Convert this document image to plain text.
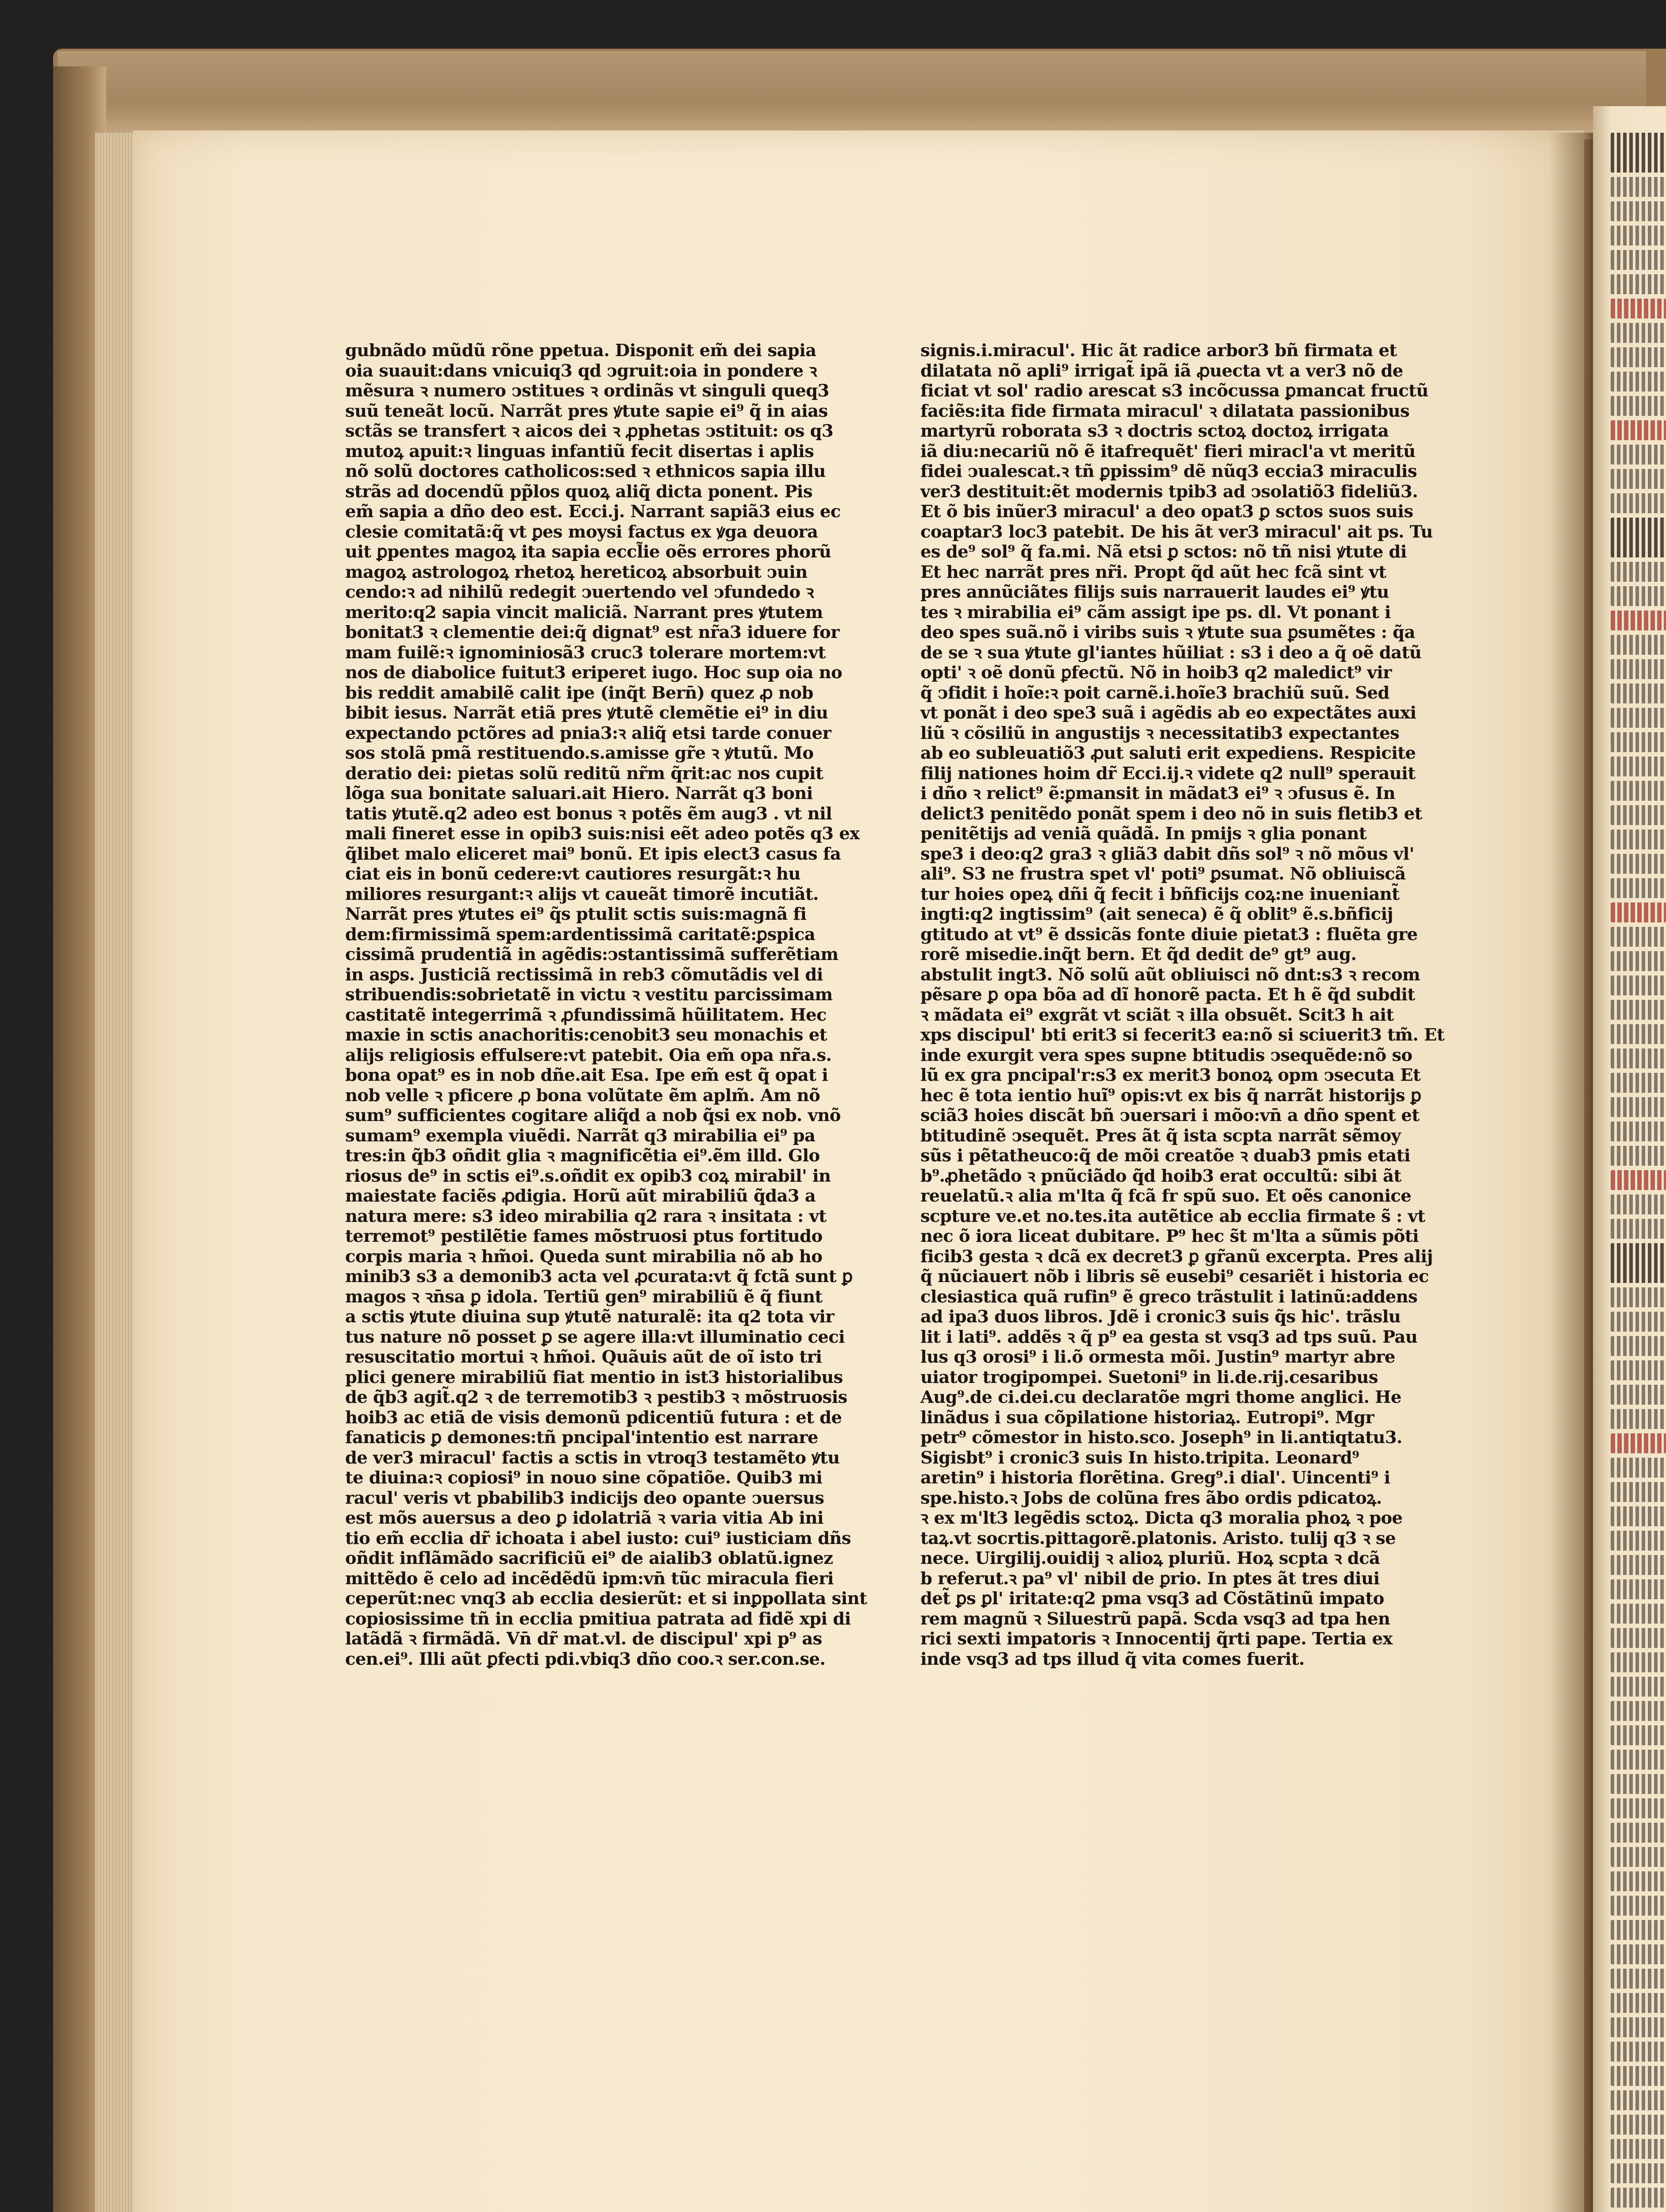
gubnãdo mũdũ rõne ppetua. Disponit em̃ dei sapia
oia suauit:dans vnicuiq3 qd ↄgruit:oia in pondere ꝛ
mẽsura ꝛ numero ↄstitues ꝛ ordinãs vt singuli queq3
suũ teneãt locũ. Narrãt pres ꝟtute sapie ei⁹ q̃ in aias
sctãs se transfert ꝛ aicos dei ꝛ ꝓphetas ↄstituit: os q3
mutoꝝ apuit:ꝛ linguas infantiũ fecit disertas i aplis
nõ solũ doctores catholicos:sed ꝛ ethnicos sapia illu
strãs ad docendũ pp̃los quoꝝ aliq̃ dicta ponent. Pis
em̃ sapia a dño deo est. Ecci.j. Narrant sapiã3 eius ec
clesie comitatã:q̃ vt ꝑes moysi factus ex ꝟga deuora
uit ꝑpentes magoꝝ ita sapia eccl̃ie oẽs errores phorũ
magoꝝ astrologoꝝ rhetoꝝ hereticoꝝ absorbuit ↄuin
cendo:ꝛ ad nihilũ redegit ↄuertendo vel ↄfundedo ꝛ
merito:q2 sapia vincit maliciã. Narrant pres ꝟtutem
bonitat3 ꝛ clementie dei:q̃ dignat⁹ est nr̃a3 iduere for
mam fuilẽ:ꝛ ignominiosã3 cruc3 tolerare mortem:vt
nos de diabolice fuitut3 eriperet iugo. Hoc sup oia no
bis reddit amabilẽ calit ipe (inq̃t Bern̄) quez ꝓ nob
bibit iesus. Narrãt etiã pres ꝟtutẽ clemẽtie ei⁹ in diu
expectando pctõres ad pnia3:ꝛ aliq̃ etsi tarde conuer
sos stolã pmã restituendo.s.amisse gr̃e ꝛ ꝟtutũ. Mo
deratio dei: pietas solũ reditũ nr̃m q̃rit:ac nos cupit
lõga sua bonitate saluari.ait Hiero. Narrãt q3 boni
tatis ꝟtutẽ.q2 adeo est bonus ꝛ potẽs ẽm aug3 . vt nil
mali fineret esse in opib3 suis:nisi eẽt adeo potẽs q3 ex
q̃libet malo eliceret mai⁹ bonũ. Et ipis elect3 casus fa
ciat eis in bonũ cedere:vt cautiores resurgãt:ꝛ hu
miliores resurgant:ꝛ alijs vt caueãt timorẽ incutiãt.
Narrãt pres ꝟtutes ei⁹ q̃s ptulit sctis suis:magnã fi
dem:firmissimã spem:ardentissimã caritatẽ:ꝑspica
cissimã prudentiã in agẽdis:ↄstantissimã sufferẽtiam
in asꝑs. Justiciã rectissimã in reb3 cõmutãdis vel di
stribuendis:sobrietatẽ in victu ꝛ vestitu parcissimam
castitatẽ integerrimã ꝛ ꝓfundissimã hũilitatem. Hec
maxie in sctis anachoritis:cenobit3 seu monachis et
alijs religiosis effulsere:vt patebit. Oia em̃ opa nr̃a.s.
bona opat⁹ es in nob dñe.ait Esa. Ipe em̃ est q̃ opat i
nob velle ꝛ pficere ꝓ bona volũtate ẽm aplm̃. Am nõ
sum⁹ sufficientes cogitare aliq̃d a nob q̃si ex nob. vnõ
sumam⁹ exempla viuẽdi. Narrãt q3 mirabilia ei⁹ pa
tres:in q̃b3 oñdit glia ꝛ magnificẽtia ei⁹.ẽm illd. Glo
riosus de⁹ in sctis ei⁹.s.oñdit ex opib3 coꝝ mirabil' in
maiestate faciẽs ꝓdigia. Horũ aũt mirabiliũ q̃da3 a
natura mere: s3 ideo mirabilia q2 rara ꝛ insitata : vt
terremot⁹ pestilẽtie fames mõstruosi ptus fortitudo
corpis maria ꝛ hm̃oi. Queda sunt mirabilia nõ ab ho
minib3 s3 a demonib3 acta vel ꝓcurata:vt q̃ fctã sunt ꝑ
magos ꝛ ꝛn̄sa ꝑ idola. Tertiũ gen⁹ mirabiliũ ẽ q̃ fiunt
a sctis ꝟtute diuina sup ꝟtutẽ naturalẽ: ita q2 tota vir
tus nature nõ posset ꝑ se agere illa:vt illuminatio ceci
resuscitatio mortui ꝛ hm̃oi. Quãuis aũt de oĩ isto tri
plici genere mirabiliũ fiat mentio in ist3 historialibus
de q̃b3 agit̃.q2 ꝛ de terremotib3 ꝛ pestib3 ꝛ mõstruosis
hoib3 ac etiã de visis demonũ pdicentiũ futura : et de
fanaticis ꝑ demones:tñ pncipal'intentio est narrare
de ver3 miracul' factis a sctis in vtroq3 testamẽto ꝟtu
te diuina:ꝛ copiosi⁹ in nouo sine cõpatiõe. Quib3 mi
racul' veris vt pbabilib3 indicijs deo opante ↄuersus
est mõs auersus a deo ꝑ idolatriã ꝛ varia vitia Ab ini
tio em̃ ecclia dr̃ ichoata i abel iusto: cui⁹ iusticiam dñs
oñdit inflãmãdo sacrificiũ ei⁹ de aialib3 oblatũ.ignez
mittẽdo ẽ celo ad incẽdẽdũ ipm:vn̄ tũc miracula fieri
ceperũt:nec vnq3 ab ecclia desierũt: et si inꝑpollata sint
copiosissime tñ in ecclia pmitiua patrata ad fidẽ xpi di
latãdã ꝛ firmãdã. Vn̄ dr̃ mat.vl. de discipul' xpi p⁹ as
cen.ei⁹. Illi aũt ꝑfecti pdi.vbiq3 dño coo.ꝛ ser.con.se.
signis.i.miracul'. Hic ãt radice arbor3 bñ firmata et
dilatata nõ apli⁹ irrigat̃ ipã iã ꝓuecta vt a ver3 nõ de
ficiat vt sol' radio arescat s3 incõcussa ꝑmancat fructũ
faciẽs:ita fide firmata miracul' ꝛ dilatata passionibus
martyrũ roborata s3 ꝛ doctris sctoꝝ doctoꝝ irrigata
iã diu:necariũ nõ ẽ itafrequẽt' fieri miracl'a vt meritũ
fidei ↄualescat.ꝛ tñ ꝑpissim⁹ dẽ nũq3 eccia3 miraculis
ver3 destituit:ẽt modernis tpib3 ad ↄsolatiõ3 fideliũ3.
Et õ bis inũer3 miracul' a deo opat3 ꝑ sctos suos suis
coaptar3 loc3 patebit. De his ãt ver3 miracul' ait ps. Tu
es de⁹ sol⁹ q̃ fa.mi. Nã etsi ꝑ sctos: nõ tñ nisi ꝟtute di
Et hec narrãt pres nr̃i. Propt q̃d aũt hec fcã sint vt
pres annũciãtes filijs suis narrauerit laudes ei⁹ ꝟtu
tes ꝛ mirabilia ei⁹ cãm assigt ipe ps. dl. Vt ponant i
deo spes suã.nõ i viribs suis ꝛ ꝟtute sua ꝑsumẽtes : q̃a
de se ꝛ sua ꝟtute gl'iantes hũiliat : s3 i deo a q̃ oẽ datũ
opti' ꝛ oẽ donũ ꝑfectũ. Nõ in hoib3 q2 maledict⁹ vir
q̃ ↄfidit i hoĩe:ꝛ poit carnẽ.i.hoĩe3 brachiũ suũ. Sed
vt ponãt i deo spe3 suã i agẽdis ab eo expectãtes auxi
liũ ꝛ cõsiliũ in angustijs ꝛ necessitatib3 expectantes
ab eo subleuatiõ3 ꝓut saluti erit expediens. Respicite
filij nationes hoim dr̃ Ecci.ij.ꝛ videte q2 null⁹ sperauit
i dño ꝛ relict⁹ ẽ:ꝑmansit in mãdat3 ei⁹ ꝛ ↄfusus ẽ. In
delict3 penitẽdo ponãt spem i deo nõ in suis fletib3 et
penitẽtijs ad veniã quãdã. In pmijs ꝛ glia ponant
spe3 i deo:q2 gra3 ꝛ gliã3 dabit dñs sol⁹ ꝛ nõ mõus vl'
ali⁹. S3 ne frustra spet vl' poti⁹ ꝑsumat. Nõ obliuiscã
tur hoies opeꝝ dñi q̃ fecit i bñficijs coꝝ:ne inueniant̃
ingti:q2 ingtissim⁹ (ait seneca) ẽ q̃ oblit⁹ ẽ.s.bñficij
gtitudo at vt⁹ ẽ dssicãs fonte diuie pietat3 : fluẽta gre
rorẽ misedie.inq̃t bern. Et q̃d dedit de⁹ gt⁹ aug.
abstulit ingt3. Nõ solũ aũt obliuisci nõ dnt:s3 ꝛ recom
pẽsare ꝑ opa bõa ad dĩ honorẽ pacta. Et h ẽ q̃d subdit
ꝛ mãdata ei⁹ exgrãt vt sciãt ꝛ illa obsuẽt. Scit3 h ait
xps discipul' bti erit3 si fecerit3 ea:nõ si sciuerit3 tm̃. Et
inde exurgit vera spes supne btitudis ↄsequẽde:nõ so
lũ ex gra pncipal'r:s3 ex merit3 bonoꝝ opm ↄsecuta Et
hec ẽ tota ientio huĩ⁹ opis:vt ex bis q̃ narrãt historijs ꝑ
sciã3 hoies discãt bñ ↄuersari i mõo:vn̄ a dño spent et
btitudinẽ ↄsequẽt. Pres ãt q̃ ista scpta narrãt sẽmoy
sũs i pẽtatheuco:q̃ de mõi creatõe ꝛ duab3 pmis etati
b⁹.ꝓhetãdo ꝛ pnũciãdo q̃d hoib3 erat occultũ: sibi ãt
reuelatũ.ꝛ alia m'lta q̃ fcã fr spũ suo. Et oẽs canonice
scpture ve.et no.tes.ita autẽtice ab ecclia firmate s̃ : vt
nec õ iora liceat dubitare. P⁹ hec s̃t m'lta a sũmis põti
ficib3 gesta ꝛ dcã ex decret3 ꝑ gr̃anũ excerpta. Pres alij
q̃ nũciauert nõb i libris sẽ eusebi⁹ cesariẽt i historia ec
clesiastica quã rufin⁹ ẽ greco trãstulit i latinũ:addens
ad ipa3 duos libros. Jdẽ i cronic3 suis q̃s hic'. trãslu
lit i lati⁹. addẽs ꝛ q̃ p⁹ ea gesta st vsq3 ad tps suũ. Pau
lus q3 orosi⁹ i li.õ ormesta mõi. Justin⁹ martyr abre
uiator trogipompei. Suetoni⁹ in li.de.rij.cesaribus
Aug⁹.de ci.dei.cu declaratõe mgri thome anglici. He
linãdus i sua cõpilatione historiaꝝ. Eutropi⁹. Mgr
petr⁹ cõmestor in histo.sco. Joseph⁹ in li.antiqtatu3.
Sigisbt⁹ i cronic3 suis In histo.tripita. Leonard⁹
aretin⁹ i historia florẽtina. Greg⁹.i dial'. Uincenti⁹ i
spe.histo.ꝛ Jobs de colũna fres ãbo ordis pdicatoꝝ.
ꝛ ex m'lt3 legẽdis sctoꝝ. Dicta q3 moralia phoꝝ ꝛ poe
taꝝ.vt socrtis.pittagorẽ.platonis. Aristo. tulij q3 ꝛ se
nece. Uirgilij.ouidij ꝛ alioꝝ pluriũ. Hoꝝ scpta ꝛ dcã
b referut.ꝛ pa⁹ vl' nibil de ꝑrio. In ptes ãt tres diui
det̃ ꝑs ꝑl' iritate:q2 pma vsq3 ad Cõstãtinũ impato
rem magnũ ꝛ Siluestrũ papã. Scda vsq3 ad tpa hen
rici sexti impatoris ꝛ Innocentij q̃rti pape. Tertia ex
inde vsq3 ad tps illud q̃ vita comes fuerit.
